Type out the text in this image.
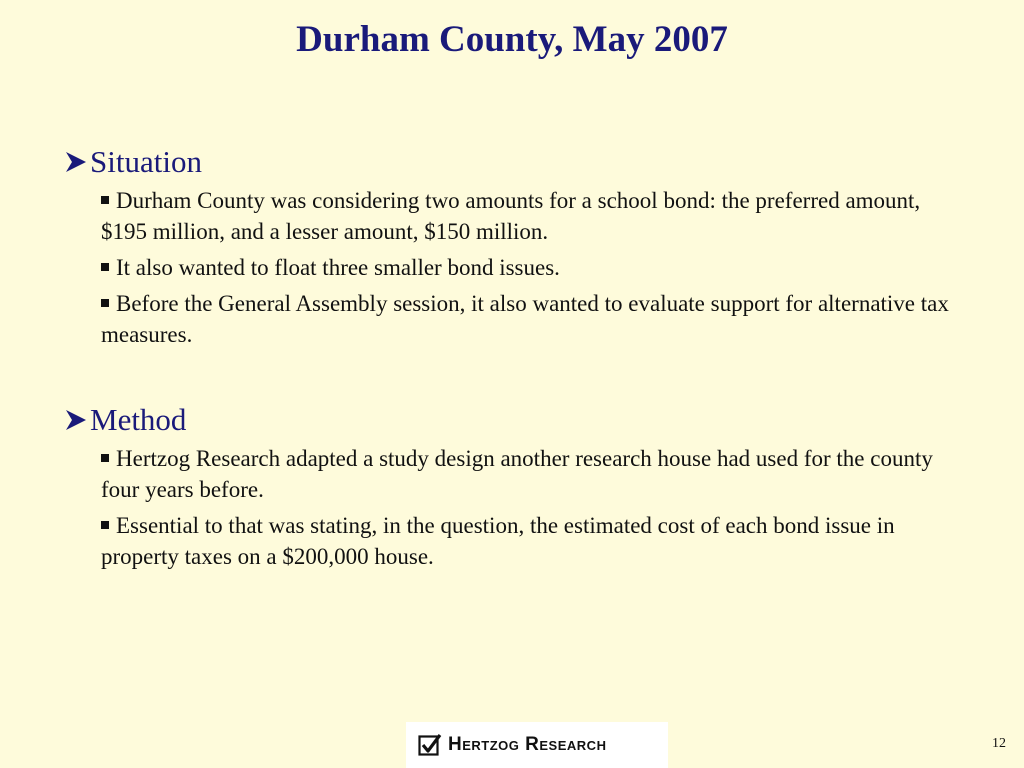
Durham County, May 2007
Situation
Durham County was considering two amounts for a school bond: the preferred amount, $195 million, and a lesser amount, $150 million.
It also wanted to float three smaller bond issues.
Before the General Assembly session, it also wanted to evaluate support for alternative tax measures.
Method
Hertzog Research adapted a study design another research house had used for the county four years before.
Essential to that was stating, in the question, the estimated cost of each bond issue in property taxes on a $200,000 house.
Hertzog Research	12
